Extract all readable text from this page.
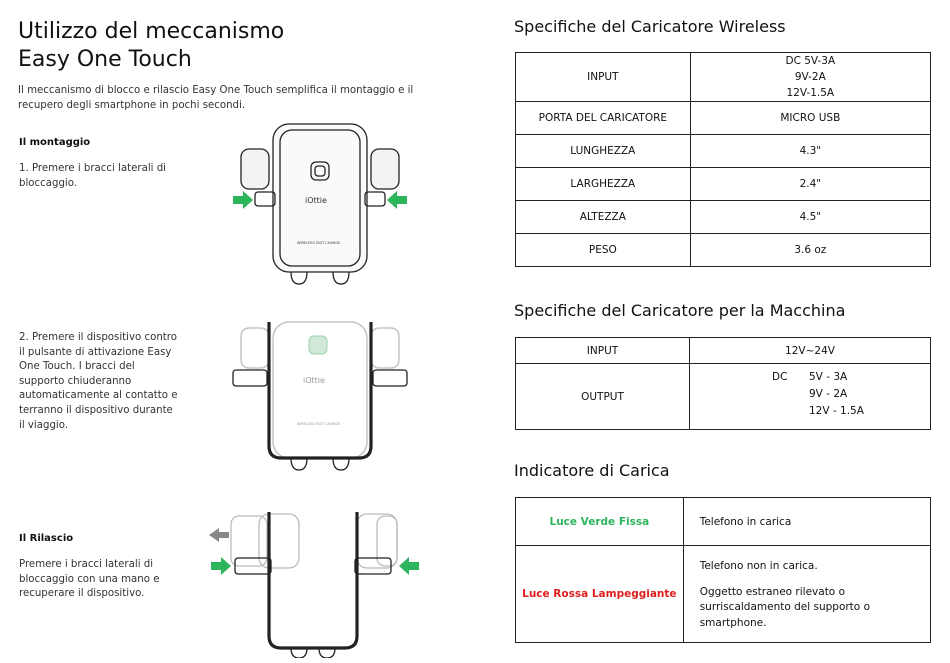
Utilizzo del meccanismo
Easy One Touch
Il meccanismo di blocco e rilascio Easy One Touch semplifica il montaggio e il recupero degli smartphone in pochi secondi.
Il montaggio
1. Premere i bracci laterali di bloccaggio.
2. Premere il dispositivo contro il pulsante di attivazione Easy One Touch. I bracci del supporto chiuderanno automaticamente al contatto e terranno il dispositivo durante il viaggio.
Il Rilascio
Premere i bracci laterali di bloccaggio con una mano e recuperare il dispositivo.
iOttie
WIRELESS FAST CHARGE
iOttie
WIRELESS FAST CHARGE
Specifiche del Caricatore Wireless
INPUT	DC 5V-3A
9V-2A
12V-1.5A

PORTA DEL CARICATORE	MICRO USB
LUNGHEZZA	4.3"
LARGHEZZA	2.4"
ALTEZZA	4.5"
PESO	3.6 oz
Specifiche del Caricatore per la Macchina
INPUT	12V~24V
OUTPUT	DC 5V - 3A
9V - 2A
12V - 1.5A
Indicatore di Carica
Luce Verde Fissa	Telefono in carica
Luce Rossa Lampeggiante	Telefono non in carica.
Oggetto estraneo rilevato o surriscaldamento del supporto o smartphone.
